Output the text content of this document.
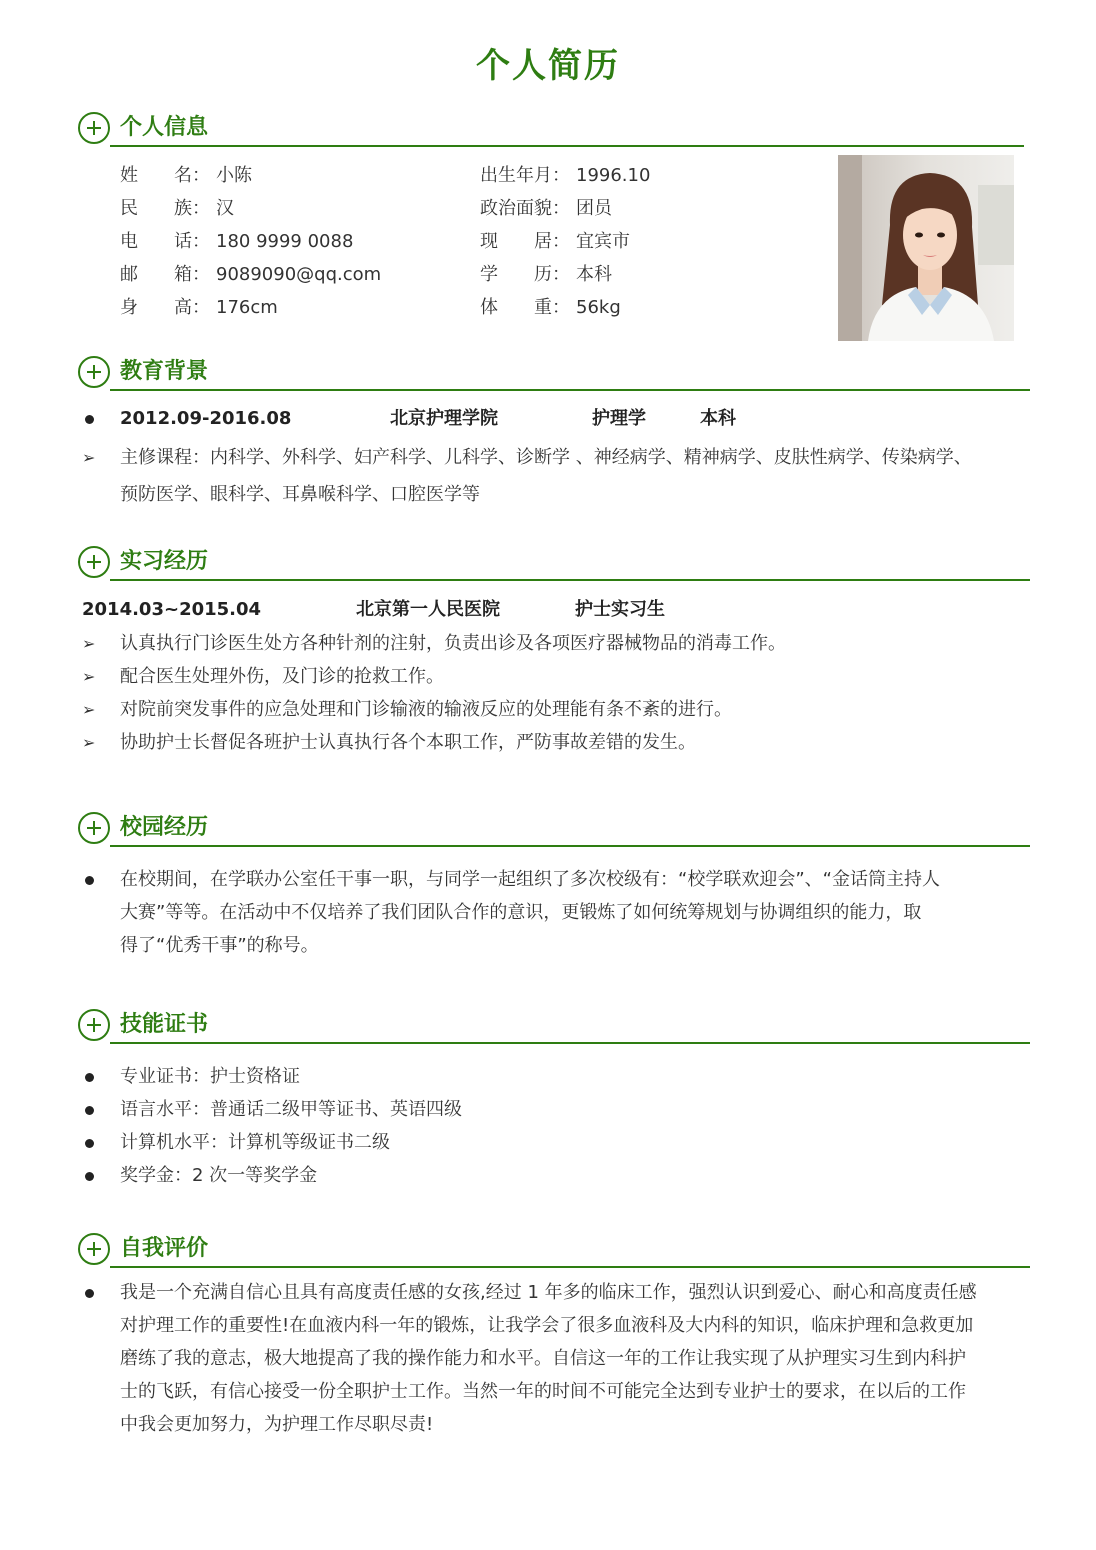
个人简历
个人信息
姓　　名： 小陈
民　　族： 汉
电　　话： 180 9999 0088
邮　　箱： 9089090@qq.com
身　　高： 176cm
出生年月： 1996.10
政治面貌： 团员
现　　居： 宜宾市
学　　历： 本科
体　　重： 56kg
教育背景
2012.09-2016.08	北京护理学院	护理学	本科
➢ 主修课程：内科学、外科学、妇产科学、儿科学、诊断学 、神经病学、精神病学、皮肤性病学、传染病学、
预防医学、眼科学、耳鼻喉科学、口腔医学等
实习经历
2014.03~2015.04	北京第一人民医院	护士实习生
➢ 认真执行门诊医生处方各种针剂的注射，负责出诊及各项医疗器械物品的消毒工作。
➢ 配合医生处理外伤，及门诊的抢救工作。
➢ 对院前突发事件的应急处理和门诊输液的输液反应的处理能有条不紊的进行。
➢ 协助护士长督促各班护士认真执行各个本职工作，严防事故差错的发生。
校园经历
在校期间，在学联办公室任干事一职，与同学一起组织了多次校级有：“校学联欢迎会”、“金话筒主持人
大赛”等等。在活动中不仅培养了我们团队合作的意识，更锻炼了如何统筹规划与协调组织的能力，取
得了“优秀干事”的称号。
技能证书
专业证书：护士资格证
语言水平：普通话二级甲等证书、英语四级
计算机水平：计算机等级证书二级
奖学金：2 次一等奖学金
自我评价
我是一个充满自信心且具有高度责任感的女孩,经过 1 年多的临床工作，强烈认识到爱心、耐心和高度责任感
对护理工作的重要性!在血液内科一年的锻炼，让我学会了很多血液科及大内科的知识，临床护理和急救更加
磨练了我的意志，极大地提高了我的操作能力和水平。自信这一年的工作让我实现了从护理实习生到内科护
士的飞跃，有信心接受一份全职护士工作。当然一年的时间不可能完全达到专业护士的要求，在以后的工作
中我会更加努力，为护理工作尽职尽责!
